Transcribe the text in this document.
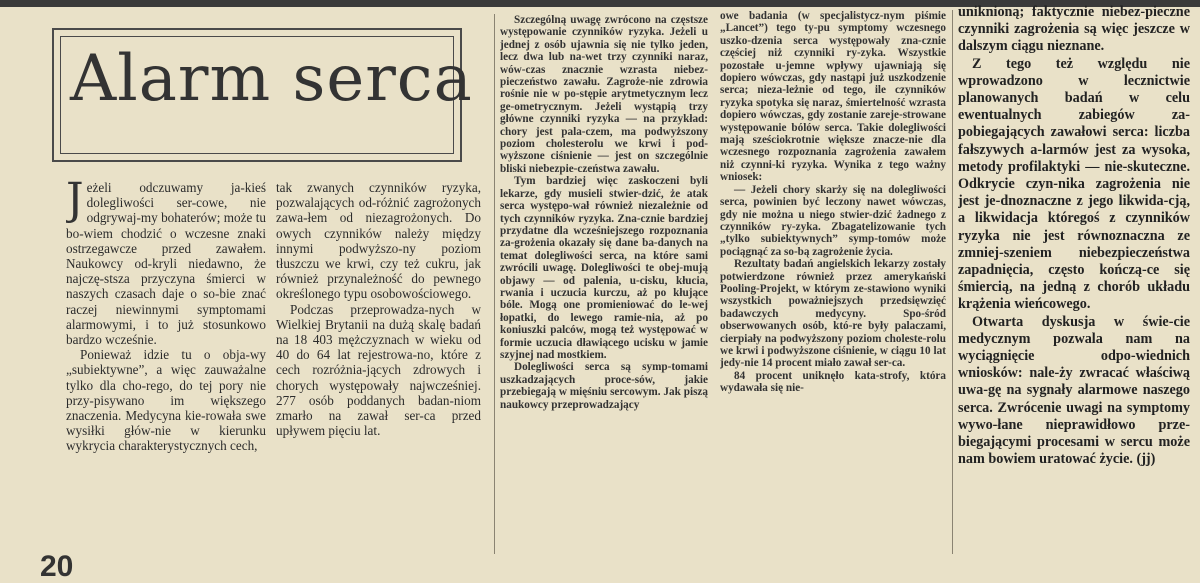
Alarm serca

Jeżeli odczuwamy ja-kieś dolegliwości ser-cowe, nie odgrywaj-my bohaterów; może tu bo-wiem chodzić o wczesne znaki ostrzegawcze przed zawałem. Naukowcy od-kryli niedawno, że najczę-stsza przyczyna śmierci w naszych czasach daje o so-bie znać raczej niewinnymi symptomami alarmowymi, i to już stosunkowo bardzo wcześnie.

Ponieważ idzie tu o obja-wy „subiektywne”, a więc zauważalne tylko dla cho-rego, do tej pory nie przy-pisywano im większego znaczenia. Medycyna kie-rowała swe wysiłki głów-nie w kierunku wykrycia charakterystycznych cech,

tak zwanych czynników ryzyka, pozwalających od-różnić zagrożonych zawa-łem od niezagrożonych. Do owych czynników należy między innymi podwyższo-ny poziom tłuszczu we krwi, czy też cukru, jak również przynależność do pewnego określonego typu osobowościowego.

Podczas przeprowadza-nych w Wielkiej Brytanii na dużą skalę badań na 18 403 mężczyznach w wieku od 40 do 64 lat rejestrowa-no, które z cech rozróżnia-jących zdrowych i chorych występowały najwcześniej. 277 osób poddanych badan-niom zmarło na zawał ser-ca przed upływem pięciu lat.

Szczególną uwagę zwrócono na częstsze występowanie czynników ryzyka. Jeżeli u jednej z osób ujawnia się nie tylko jeden, lecz dwa lub na-wet trzy czynniki naraz, wów-czas znacznie wzrasta niebez-pieczeństwo zawału. Zagroże-nie zdrowia rośnie nie w po-stępie arytmetycznym lecz ge-ometrycznym. Jeżeli wystąpią trzy główne czynniki ryzyka — na przykład: chory jest pala-czem, ma podwyższony poziom cholesterolu we krwi i pod-wyższone ciśnienie — jest on szczególnie bliski niebezpie-czeństwa zawału.

Tym bardziej więc zaskoczeni byli lekarze, gdy musieli stwier-dzić, że atak serca występo-wał również niezależnie od tych czynników ryzyka. Zna-cznie bardziej przydatne dla wcześniejszego rozpoznania za-grożenia okazały się dane ba-danych na temat dolegliwości serca, na które sami zwrócili uwagę. Dolegliwości te obej-mują objawy — od palenia, u-cisku, kłucia, rwania i uczucia kurczu, aż po kłujące bóle. Mogą one promieniować do le-wej łopatki, do lewego ramie-nia, aż po koniuszki palców, mogą też występować w formie uczucia dławiącego ucisku w jamie szyjnej nad mostkiem.

Dolegliwości serca są symp-tomami uszkadzających proce-sów, jakie przebiegają w mięśniu sercowym. Jak piszą naukowcy przeprowadzający

owe badania (w specjalistycz-nym piśmie „Lancet”) tego ty-pu symptomy wczesnego uszko-dzenia serca występowały zna-cznie częściej niż czynniki ry-zyka. Wszystkie pozostałe u-jemne wpływy ujawniają się dopiero wówczas, gdy nastąpi już uszkodzenie serca; nieza-leżnie od tego, ile czynników ryzyka spotyka się naraz, śmiertelność wzrasta dopiero wówczas, gdy zostanie zareje-strowane występowanie bólów serca. Takie dolegliwości mają sześciokrotnie większe znacze-nie dla wczesnego rozpoznania zagrożenia zawałem niż czynni-ki ryzyka. Wynika z tego ważny wniosek:

— Jeżeli chory skarży się na dolegliwości serca, powinien być leczony nawet wówczas, gdy nie można u niego stwier-dzić żadnego z czynników ry-zyka. Zbagatelizowanie tych „tylko subiektywnych” symp-tomów może pociągnąć za so-bą zagrożenie życia.

Rezultaty badań angielskich lekarzy zostały potwierdzone również przez amerykański Pooling-Projekt, w którym ze-stawiono wyniki wszystkich poważniejszych przedsięwzięć badawczych medycyny. Spo-śród obserwowanych osób, któ-re były palaczami, cierpiały na podwyższony poziom choleste-rolu we krwi i podwyższone ciśnienie, w ciągu 10 lat jedy-nie 14 procent miało zawał ser-ca.

84 procent uniknęło kata-strofy, która wydawała się nie-

uniknioną; faktycznie niebez-pieczne czynniki zagrożenia są więc jeszcze w dalszym ciągu nieznane.

Z tego też względu nie wprowadzono w lecznictwie planowanych badań w celu ewentualnych zabiegów za-pobiegających zawałowi serca: liczba fałszywych a-larmów jest za wysoka, metody profilaktyki — nie-skuteczne. Odkrycie czyn-nika zagrożenia nie jest je-dnoznaczne z jego likwida-cją, a likwidacja któregoś z czynników ryzyka nie jest równoznaczna ze zmniej-szeniem niebezpieczeństwa zapadnięcia, często kończą-ce się śmiercią, na jedną z chorób układu krążenia wieńcowego.

Otwarta dyskusja w świe-cie medycznym pozwala nam na wyciągnięcie odpo-wiednich wniosków: nale-ży zwracać właściwą uwa-gę na sygnały alarmowe naszego serca. Zwrócenie uwagi na symptomy wywo-łane nieprawidłowo prze-biegającymi procesami w sercu może nam bowiem uratować życie. (jj)

20
